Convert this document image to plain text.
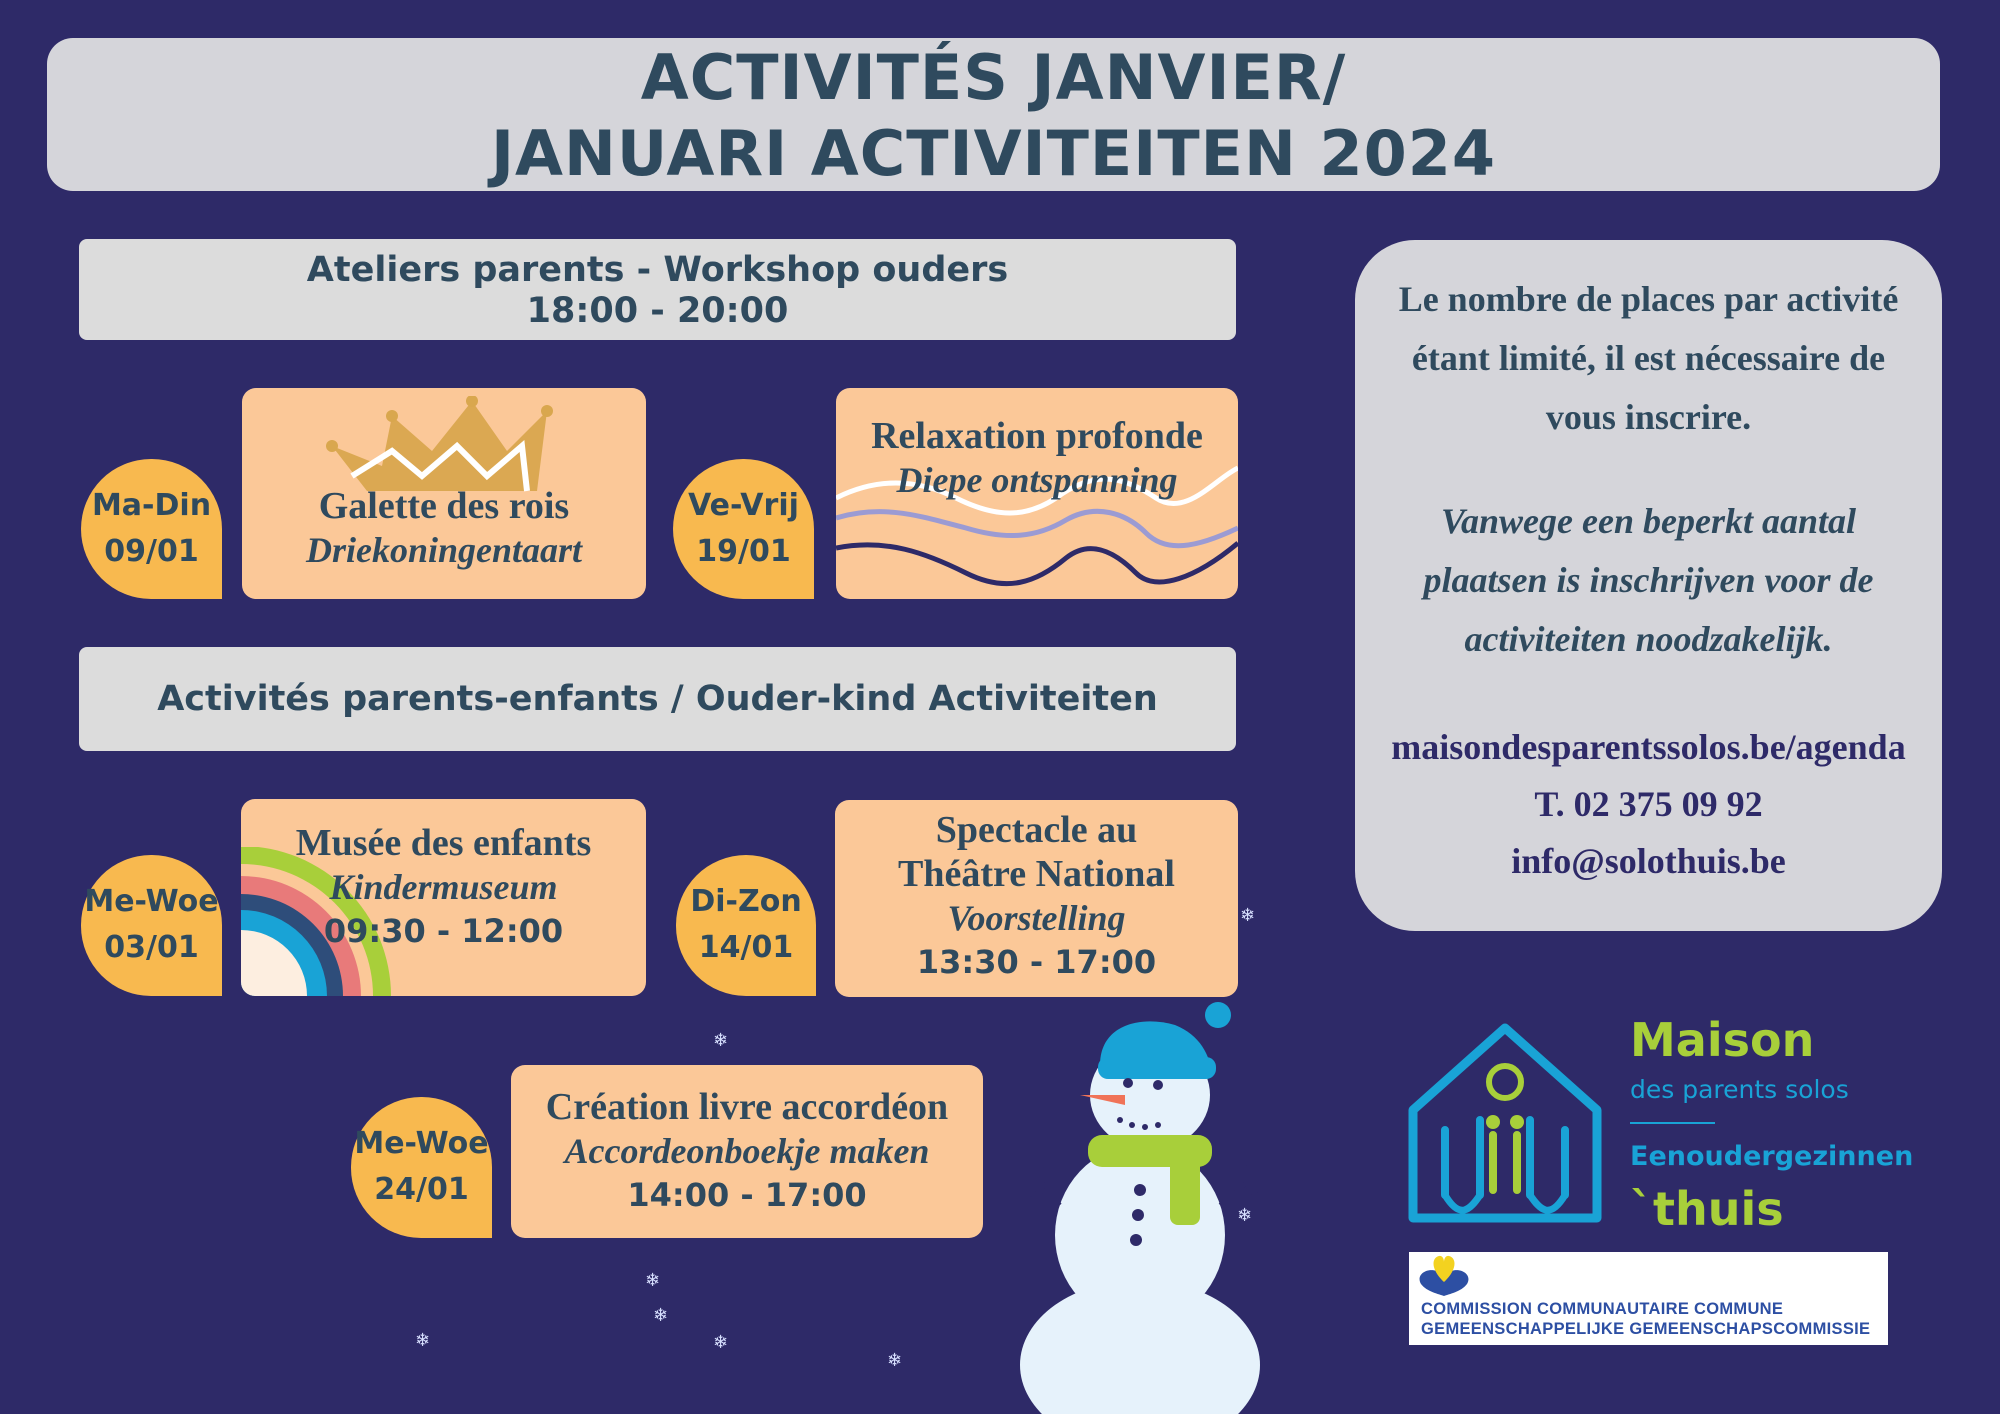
ACTIVITÉS JANVIER/
JANUARI ACTIVITEITEN 2024
Ateliers parents - Workshop ouders
18:00 - 20:00
Ma-Din
09/01
Galette des rois
Driekoningentaart
Ve-Vrij
19/01
Relaxation profonde
Diepe ontspanning
Activités parents-enfants / Ouder-kind Activiteiten
Me-Woe
03/01
Musée des enfants
Kindermuseum
09:30 - 12:00
Di-Zon
14/01
Spectacle au
Théâtre National
Voorstelling
13:30 - 17:00
Me-Woe
24/01
Création livre accordéon
Accordeonboekje maken
14:00 - 17:00
❄
❄
❄
❄
❄
❄
❄
❄
Le nombre de places par activité
étant limité, il est nécessaire de
vous inscrire.
Vanwege een beperkt aantal
plaatsen is inschrijven voor de
activiteiten noodzakelijk.
maisondesparentssolos.be/agenda
T. 02 375 09 92
info@solothuis.be
Maison
des parents solos
Eenoudergezinnen
`thuis
COMMISSION COMMUNAUTAIRE COMMUNE
GEMEENSCHAPPELIJKE GEMEENSCHAPSCOMMISSIE
